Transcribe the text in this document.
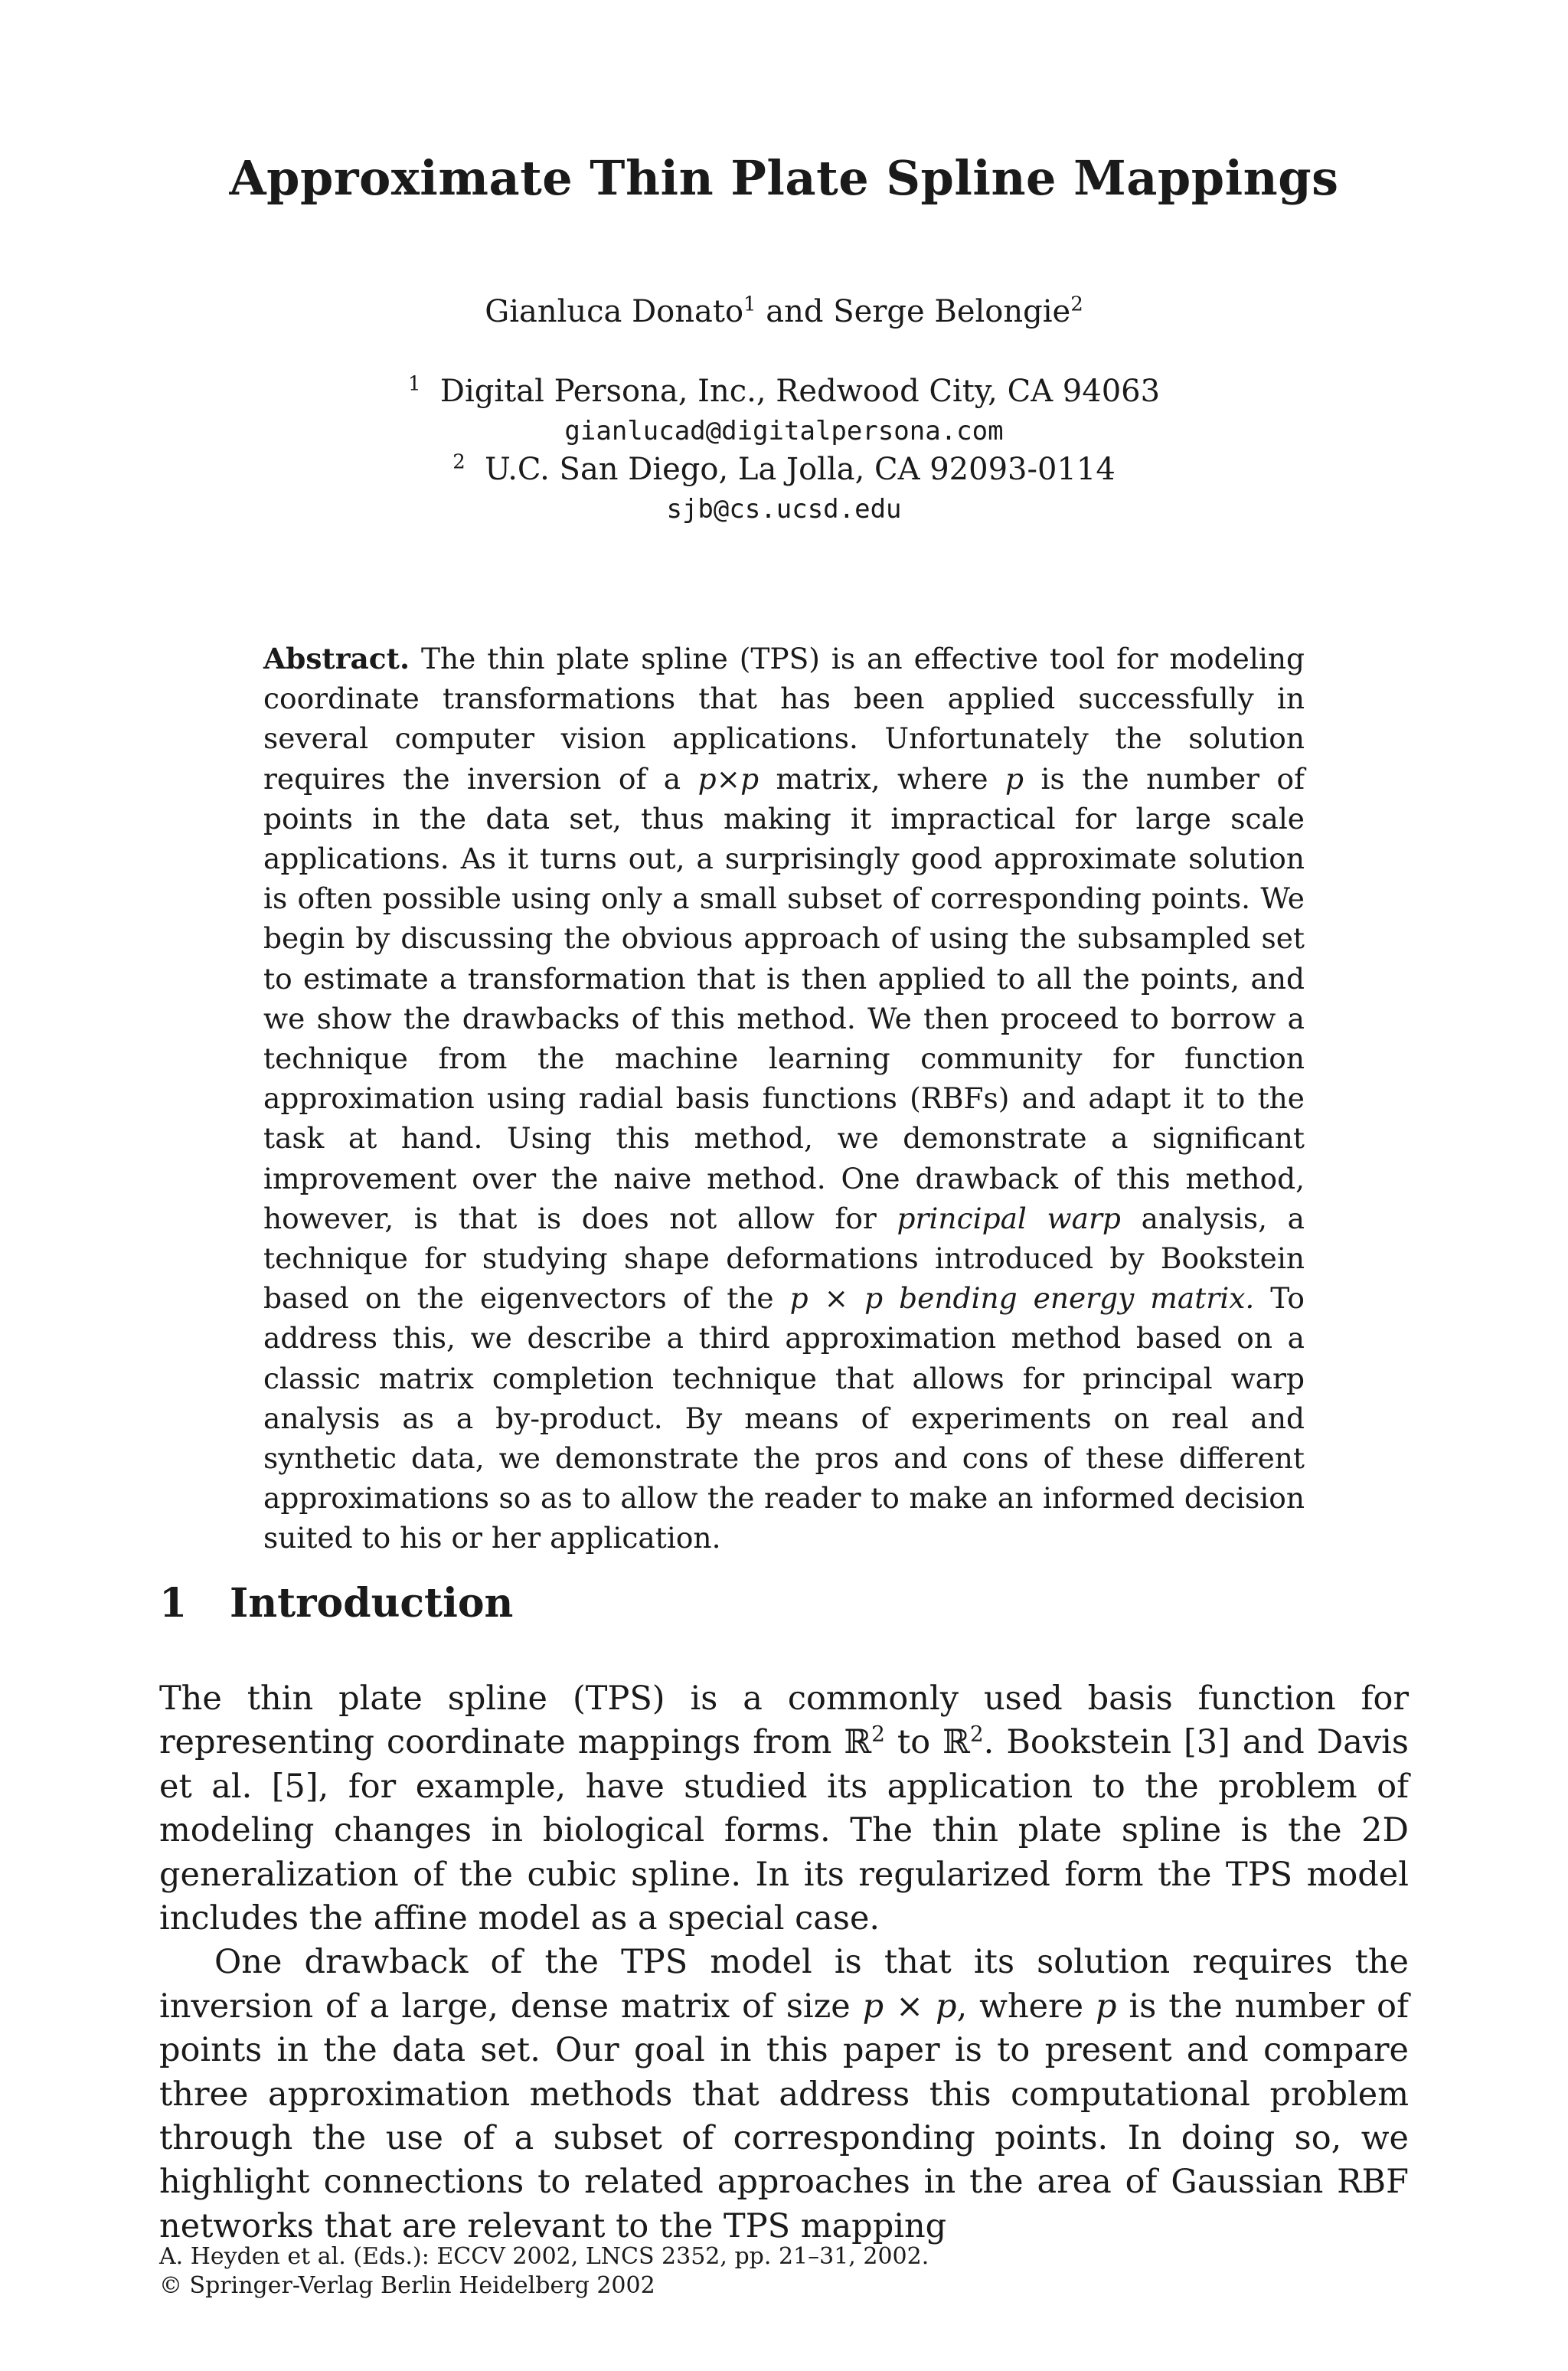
Approximate Thin Plate Spline Mappings
Gianluca Donato$^1$ and Serge Belongie$^2$
$^1$ Digital Persona, Inc., Redwood City, CA 94063
gianlucad@digitalpersona.com
$^2$ U.C. San Diego, La Jolla, CA 92093-0114
sjb@cs.ucsd.edu
Abstract. The thin plate spline (TPS) is an effective tool for modeling coordinate transformations that has been applied successfully in several computer vision applications. Unfortunately the solution requires the inversion of a p×p matrix, where p is the number of points in the data set, thus making it impractical for large scale applications. As it turns out, a surprisingly good approximate solution is often possible using only a small subset of corresponding points. We begin by discussing the obvious approach of using the subsampled set to estimate a transformation that is then applied to all the points, and we show the drawbacks of this method. We then proceed to borrow a technique from the machine learning community for function approximation using radial basis functions (RBFs) and adapt it to the task at hand. Using this method, we demonstrate a significant improvement over the naive method. One drawback of this method, however, is that is does not allow for principal warp analysis, a technique for studying shape deformations introduced by Bookstein based on the eigenvectors of the p × p bending energy matrix. To address this, we describe a third approximation method based on a classic matrix completion technique that allows for principal warp analysis as a by-product. By means of experiments on real and synthetic data, we demonstrate the pros and cons of these different approximations so as to allow the reader to make an informed decision suited to his or her application.
1 Introduction

The thin plate spline (TPS) is a commonly used basis function for representing coordinate mappings from ℝ$^2$ to ℝ$^2$. Bookstein [3] and Davis et al. [5], for example, have studied its application to the problem of modeling changes in biological forms. The thin plate spline is the 2D generalization of the cubic spline. In its regularized form the TPS model includes the affine model as a special case.

One drawback of the TPS model is that its solution requires the inversion of a large, dense matrix of size p × p, where p is the number of points in the data set. Our goal in this paper is to present and compare three approximation methods that address this computational problem through the use of a subset of corresponding points. In doing so, we highlight connections to related approaches in the area of Gaussian RBF networks that are relevant to the TPS mapping

A. Heyden et al. (Eds.): ECCV 2002, LNCS 2352, pp. 21–31, 2002.
© Springer-Verlag Berlin Heidelberg 2002
